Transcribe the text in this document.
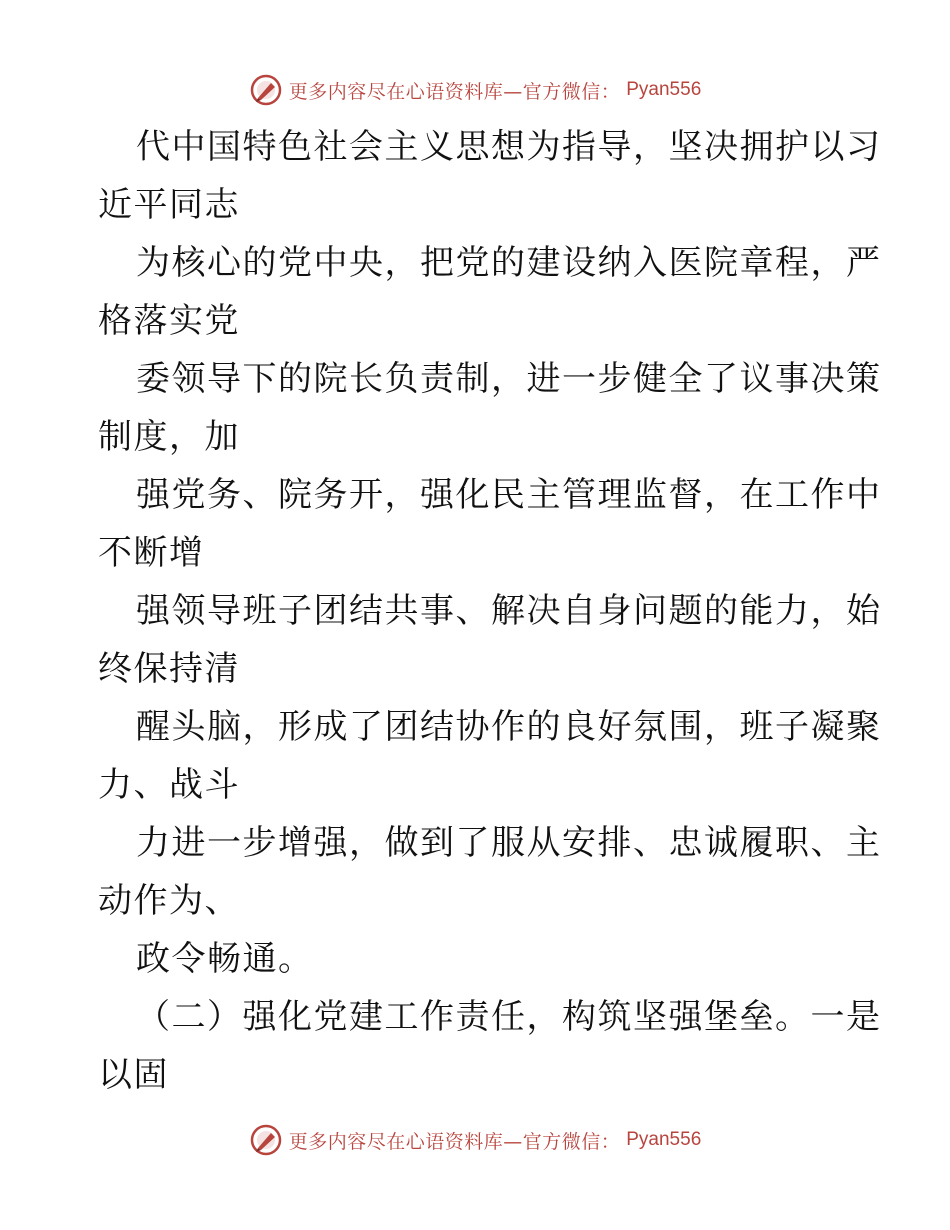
更多内容尽在心语资料库—官方微信： Pyan556
代中国特色社会主义思想为指导，坚决拥护以习
近平同志
为核心的党中央，把党的建设纳入医院章程，严
格落实党
委领导下的院长负责制，进一步健全了议事决策
制度，加
强党务、院务开，强化民主管理监督，在工作中
不断增
强领导班子团结共事、解决自身问题的能力，始
终保持清
醒头脑，形成了团结协作的良好氛围，班子凝聚
力、战斗
力进一步增强，做到了服从安排、忠诚履职、主
动作为、
政令畅通。
（二）强化党建工作责任，构筑坚强堡垒。一是
以固
更多内容尽在心语资料库—官方微信： Pyan556
